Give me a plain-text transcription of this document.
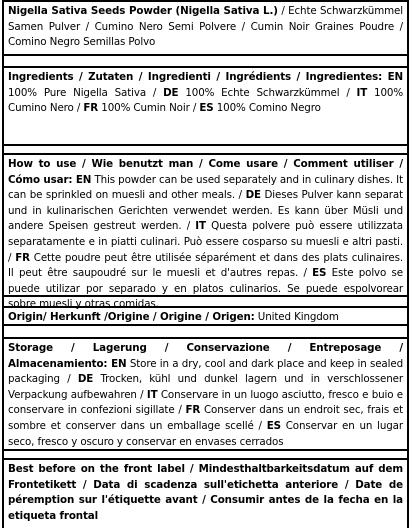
Nigella Sativa Seeds Powder (Nigella Sativa L.) / Echte Schwarzkümmel Samen Pulver / Cumino Nero Semi Polvere / Cumin Noir Graines Poudre / Comino Negro Semillas Polvo
Ingredients / Zutaten / Ingredienti / Ingrédients / Ingredientes: EN 100% Pure Nigella Sativa / DE 100% Echte Schwarzkümmel / IT 100% Cumino Nero / FR 100% Cumin Noir / ES 100% Comino Negro
How to use / Wie benutzt man / Come usare / Comment utiliser / Cómo usar: EN This powder can be used separately and in culinary dishes. It can be sprinkled on muesli and other meals. / DE Dieses Pulver kann separat und in kulinarischen Gerichten verwendet werden. Es kann über Müsli und andere Speisen gestreut werden. / IT Questa polvere può essere utilizzata separatamente e in piatti culinari. Può essere cosparso su muesli e altri pasti. / FR Cette poudre peut être utilisée séparément et dans des plats culinaires. Il peut être saupoudré sur le muesli et d'autres repas. / ES Este polvo se puede utilizar por separado y en platos culinarios. Se puede espolvorear sobre muesli y otras comidas.
Origin/ Herkunft /Origine / Origine / Origen: United Kingdom
Storage / Lagerung / Conservazione / Entreposage / Almacenamiento: EN Store in a dry, cool and dark place and keep in sealed packaging / DE Trocken, kühl und dunkel lagern und in verschlossener Verpackung aufbewahren / IT Conservare in un luogo asciutto, fresco e buio e conservare in confezioni sigillate / FR Conserver dans un endroit sec, frais et sombre et conserver dans un emballage scellé / ES Conservar en un lugar seco, fresco y oscuro y conservar en envases cerrados
Best before on the front label / Mindesthaltbarkeitsdatum auf dem Frontetikett / Data di scadenza sull'etichetta anteriore / Date de péremption sur l'étiquette avant / Consumir antes de la fecha en la etiqueta frontal
